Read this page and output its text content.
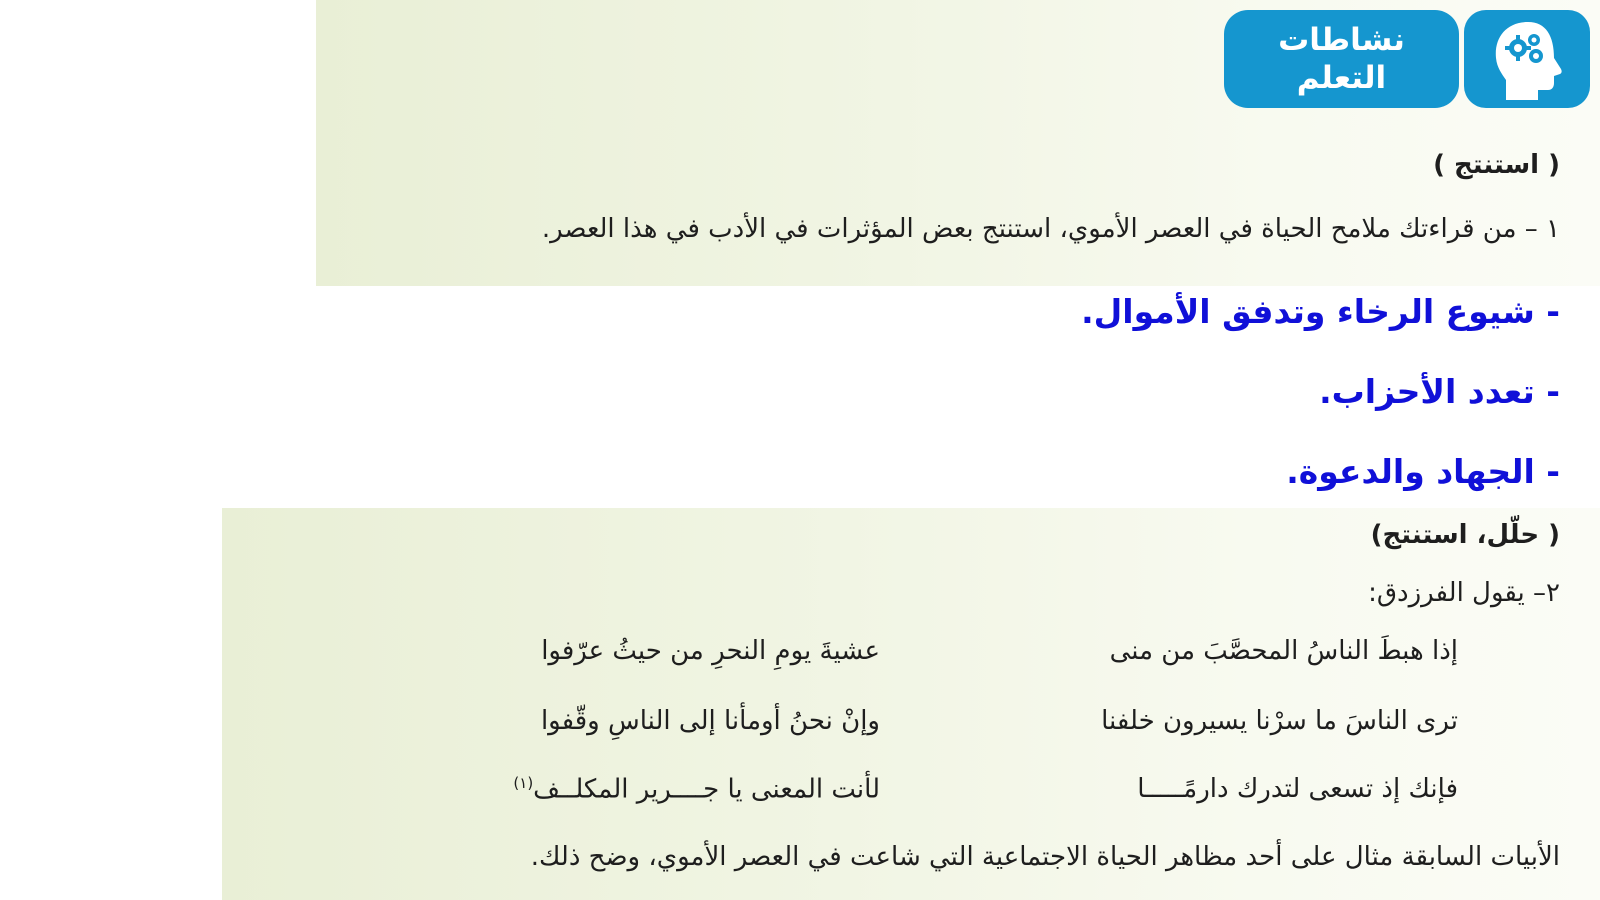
نشاطات
التعلم
( استنتج )
١ – من قراءتك ملامح الحياة في العصر الأموي، استنتج بعض المؤثرات في الأدب في هذا العصر.
- شيوع الرخاء وتدفق الأموال.
- تعدد الأحزاب.
- الجهاد والدعوة.
( حلّل، استنتج)
٢– يقول الفرزدق:
إذا هبطَ الناسُ المحصَّبَ من منى
عشيةَ يومِ النحرِ من حيثُ عرّفوا
ترى الناسَ ما سرْنا يسيرون خلفنا
وإنْ نحنُ أومأنا إلى الناسِ وقّفوا
فإنك إذ تسعى لتدرك دارمًـــــا
لأنت المعنى يا جــــرير المكلــف$^{(١)}$
الأبيات السابقة مثال على أحد مظاهر الحياة الاجتماعية التي شاعت في العصر الأموي، وضح ذلك.
